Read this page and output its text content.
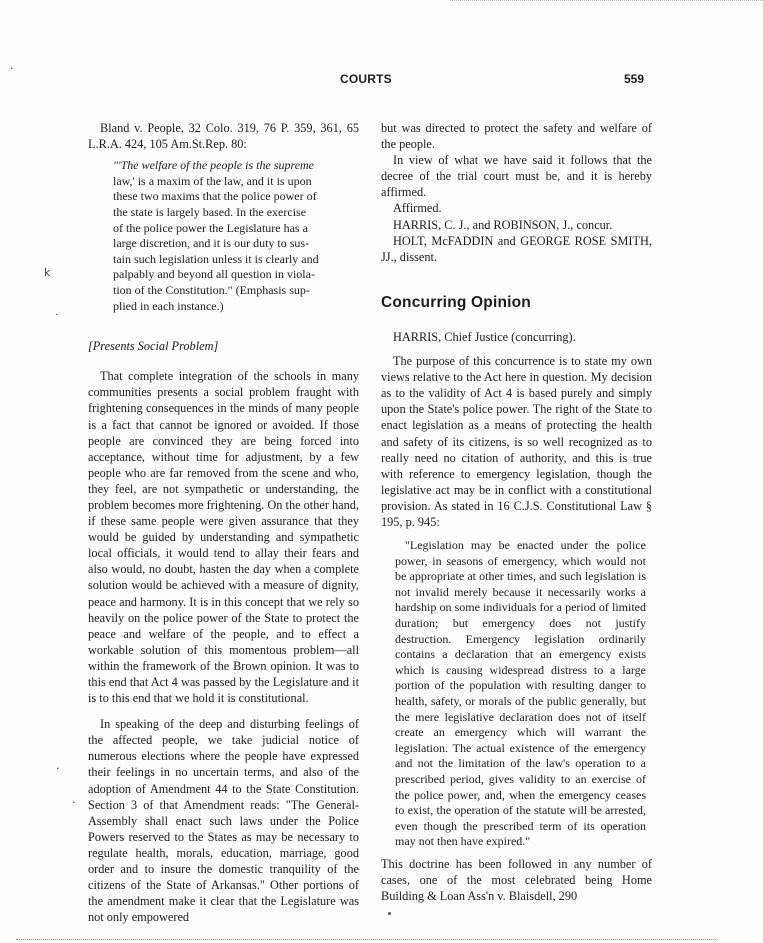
COURTS	559
k
·
·
·
·

Bland v. People, 32 Colo. 319, 76 P. 359, 361, 65 L.R.A. 424, 105 Am.St.Rep. 80:

"'The welfare of the people is the supreme
law,' is a maxim of the law, and it is upon
these two maxims that the police power of
the state is largely based. In the exercise
of the police power the Legislature has a
large discretion, and it is our duty to sus-
tain such legislation unless it is clearly and
palpably and beyond all question in viola-
tion of the Constitution." (Emphasis sup-
plied in each instance.)

[Presents Social Problem]

That complete integration of the schools in many communities presents a social problem fraught with frightening consequences in the minds of many people is a fact that cannot be ignored or avoided. If those people are convinced they are being forced into acceptance, without time for adjustment, by a few people who are far removed from the scene and who, they feel, are not sympathetic or understanding, the problem becomes more frightening. On the other hand, if these same people were given assurance that they would be guided by understanding and sympathetic local officials, it would tend to allay their fears and also would, no doubt, hasten the day when a complete solution would be achieved with a measure of dignity, peace and harmony. It is in this concept that we rely so heavily on the police power of the State to protect the peace and welfare of the people, and to effect a workable solution of this momentous problem—all within the framework of the Brown opinion. It was to this end that Act 4 was passed by the Legislature and it is to this end that we hold it is constitutional.

In speaking of the deep and disturbing feelings of the affected people, we take judicial notice of numerous elections where the people have expressed their feelings in no uncertain terms, and also of the adoption of Amendment 44 to the State Constitution. Section 3 of that Amendment reads: "The General-Assembly shall enact such laws under the Police Powers reserved to the States as may be necessary to regulate health, morals, education, marriage, good order and to insure the domestic tranquility of the citizens of the State of Arkansas." Other portions of the amendment make it clear that the Legislature was not only empowered

but was directed to protect the safety and welfare of the people.

In view of what we have said it follows that the decree of the trial court must be, and it is hereby affirmed.

Affirmed.

HARRIS, C. J., and ROBINSON, J., concur.

HOLT, McFADDIN and GEORGE ROSE SMITH, JJ., dissent.

Concurring Opinion

HARRIS, Chief Justice (concurring).

The purpose of this concurrence is to state my own views relative to the Act here in question. My decision as to the validity of Act 4 is based purely and simply upon the State's police power. The right of the State to enact legislation as a means of protecting the health and safety of its citizens, is so well recognized as to really need no citation of authority, and this is true with reference to emergency legislation, though the legislative act may be in conflict with a constitutional provision. As stated in 16 C.J.S. Constitutional Law § 195, p. 945:

"Legislation may be enacted under the police power, in seasons of emergency, which would not be appropriate at other times, and such legislation is not invalid merely because it necessarily works a hardship on some individuals for a period of limited duration; but emergency does not justify destruction. Emergency legislation ordinarily contains a declaration that an emergency exists which is causing widespread distress to a large portion of the population with resulting danger to health, safety, or morals of the public generally, but the mere legislative declaration does not of itself create an emergency which will warrant the legislation. The actual existence of the emergency and not the limitation of the law's operation to a prescribed period, gives validity to an exercise of the police power, and, when the emergency ceases to exist, the operation of the statute will be arrested, even though the prescribed term of its operation may not then have expired."

This doctrine has been followed in any number of cases, one of the most celebrated being Home Building & Loan Ass'n v. Blaisdell, 290
